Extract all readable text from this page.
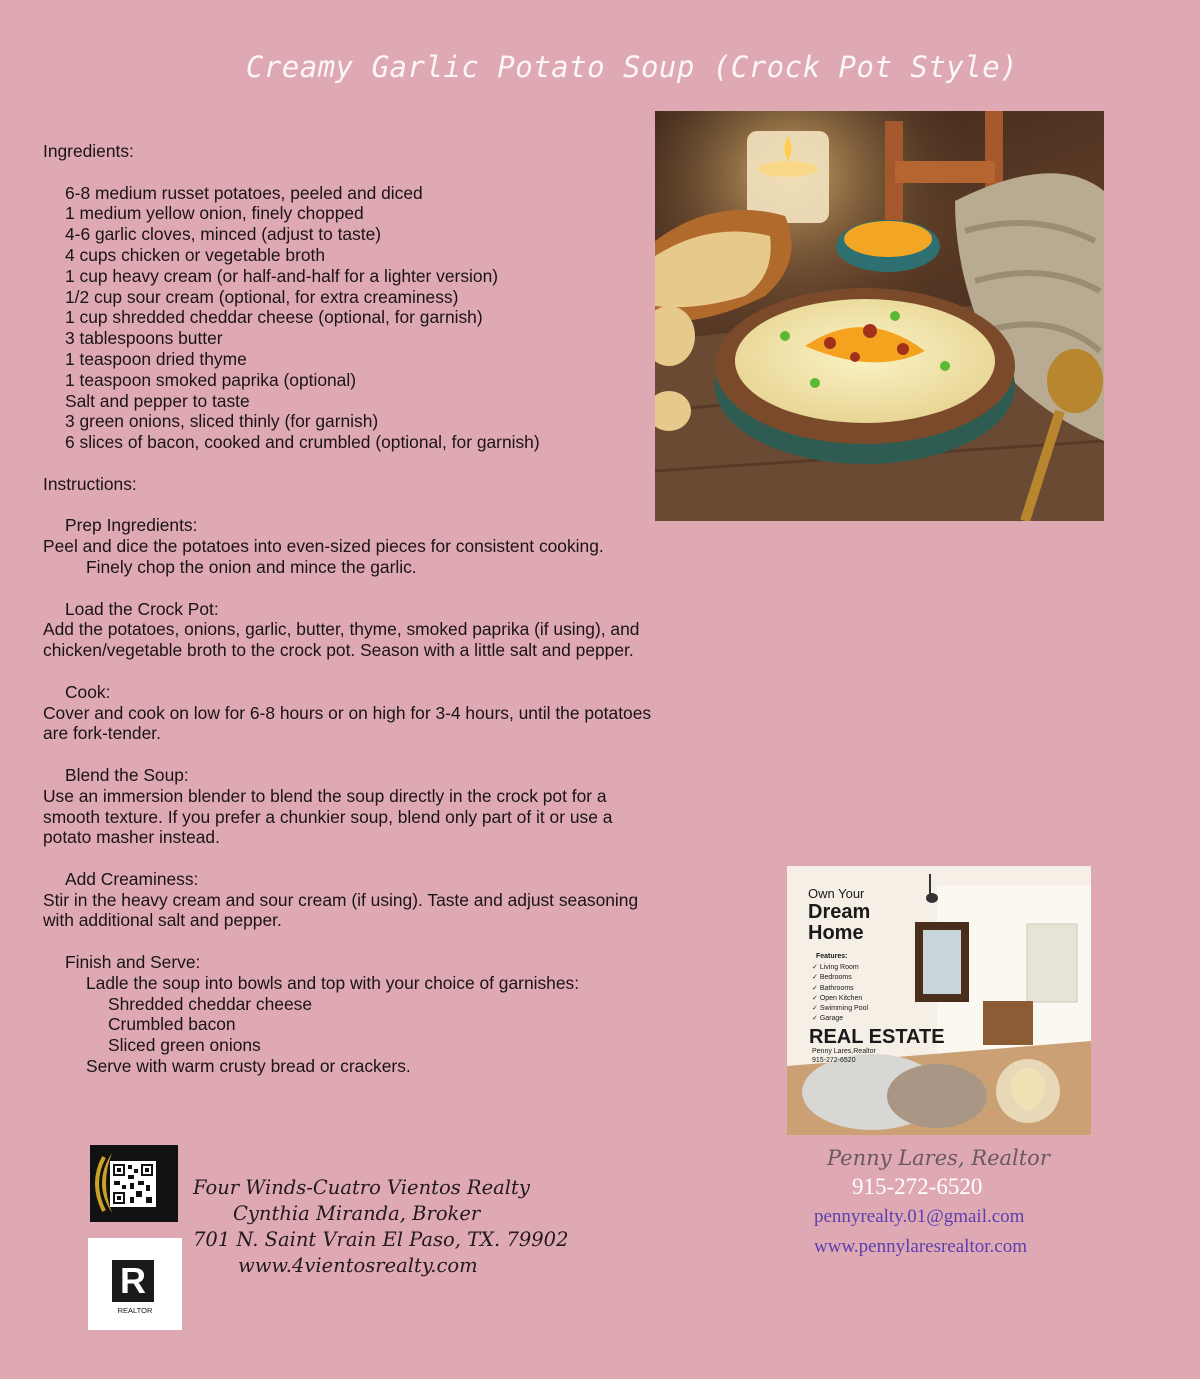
Creamy Garlic Potato Soup (Crock Pot Style)

Ingredients:

6-8 medium russet potatoes, peeled and diced

1 medium yellow onion, finely chopped

4-6 garlic cloves, minced (adjust to taste)

4 cups chicken or vegetable broth

1 cup heavy cream (or half-and-half for a lighter version)

1/2 cup sour cream (optional, for extra creaminess)

1 cup shredded cheddar cheese (optional, for garnish)

3 tablespoons butter

1 teaspoon dried thyme

1 teaspoon smoked paprika (optional)

Salt and pepper to taste

3 green onions, sliced thinly (for garnish)

6 slices of bacon, cooked and crumbled (optional, for garnish)

Instructions:

Prep Ingredients:

Peel and dice the potatoes into even-sized pieces for consistent cooking.

Finely chop the onion and mince the garlic.

Load the Crock Pot:

Add the potatoes, onions, garlic, butter, thyme, smoked paprika (if using), and chicken/vegetable broth to the crock pot. Season with a little salt and pepper.

Cook:

Cover and cook on low for 6-8 hours or on high for 3-4 hours, until the potatoes are fork-tender.

Blend the Soup:

Use an immersion blender to blend the soup directly in the crock pot for a smooth texture. If you prefer a chunkier soup, blend only part of it or use a potato masher instead.

Add Creaminess:

Stir in the heavy cream and sour cream (if using). Taste and adjust seasoning with additional salt and pepper.

Finish and Serve:

Ladle the soup into bowls and top with your choice of garnishes:

Shredded cheddar cheese

Crumbled bacon

Sliced green onions

Serve with warm crusty bread or crackers.

Own Your
Dream
Home
Features:
✓ Living Room
✓ Bedrooms
✓ Bathrooms
✓ Open Kitchen
✓ Swimming Pool
✓ Garage
REAL ESTATE
Penny Lares,Realtor
915-272-6520
Penny Lares, Realtor
915-272-6520
pennyrealty.01@gmail.com
www.pennylaresrealtor.com
R
REALTOR

Four Winds-Cuatro Vientos Realty

Cynthia Miranda, Broker

701 N. Saint Vrain El Paso, TX. 79902

www.4vientosrealty.com
